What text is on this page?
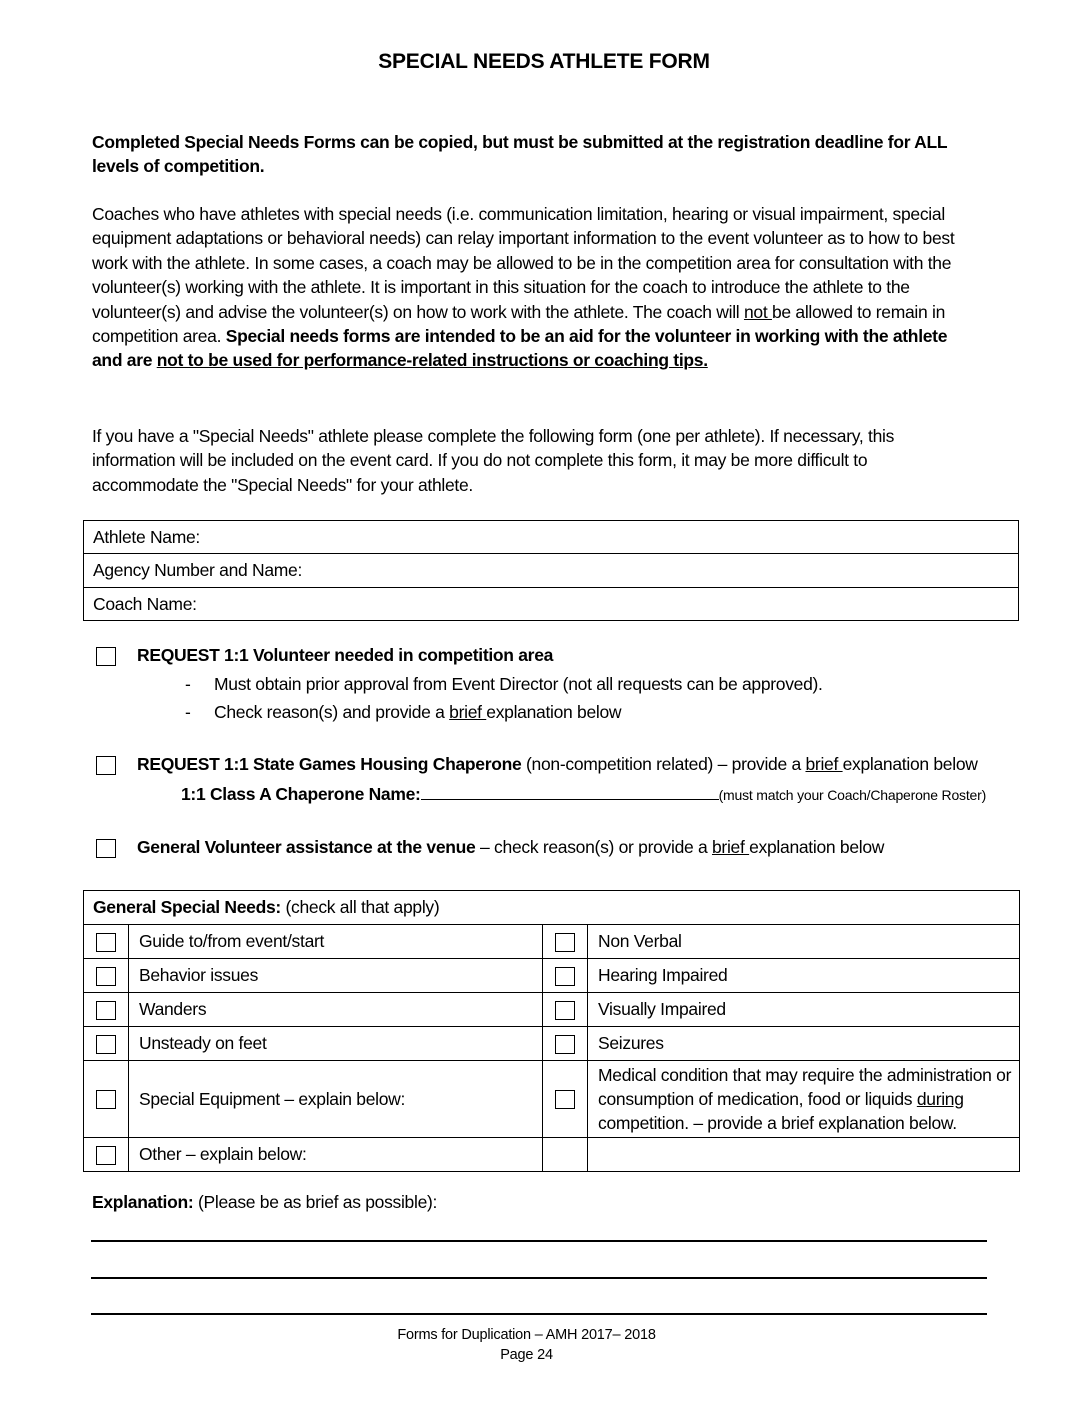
SPECIAL NEEDS ATHLETE FORM
Completed Special Needs Forms can be copied, but must be submitted at the registration deadline for ALL levels of competition.
Coaches who have athletes with special needs (i.e. communication limitation, hearing or visual impairment, special equipment adaptations or behavioral needs) can relay important information to the event volunteer as to how to best work with the athlete. In some cases, a coach may be allowed to be in the competition area for consultation with the volunteer(s) working with the athlete. It is important in this situation for the coach to introduce the athlete to the volunteer(s) and advise the volunteer(s) on how to work with the athlete. The coach will not be allowed to remain in competition area. Special needs forms are intended to be an aid for the volunteer in working with the athlete and are not to be used for performance-related instructions or coaching tips.
If you have a "Special Needs" athlete please complete the following form (one per athlete). If necessary, this information will be included on the event card. If you do not complete this form, it may be more difficult to accommodate the "Special Needs" for your athlete.
Athlete Name:
Agency Number and Name:
Coach Name:
REQUEST 1:1 Volunteer needed in competition area
- Must obtain prior approval from Event Director (not all requests can be approved).
- Check reason(s) and provide a brief explanation below
REQUEST 1:1 State Games Housing Chaperone (non-competition related) – provide a brief explanation below
1:1 Class A Chaperone Name:	(must match your Coach/Chaperone Roster)
General Volunteer assistance at the venue – check reason(s) or provide a brief explanation below
General Special Needs: (check all that apply)			
	Guide to/from event/start		Non Verbal
	Behavior issues		Hearing Impaired
	Wanders		Visually Impaired
	Unsteady on feet		Seizures
	Special Equipment – explain below:		Medical condition that may require the administration or consumption of medication, food or liquids during competition. – provide a brief explanation below.
	Other – explain below:		
Explanation: (Please be as brief as possible):
Forms for Duplication – AMH 2017– 2018
Page 24
